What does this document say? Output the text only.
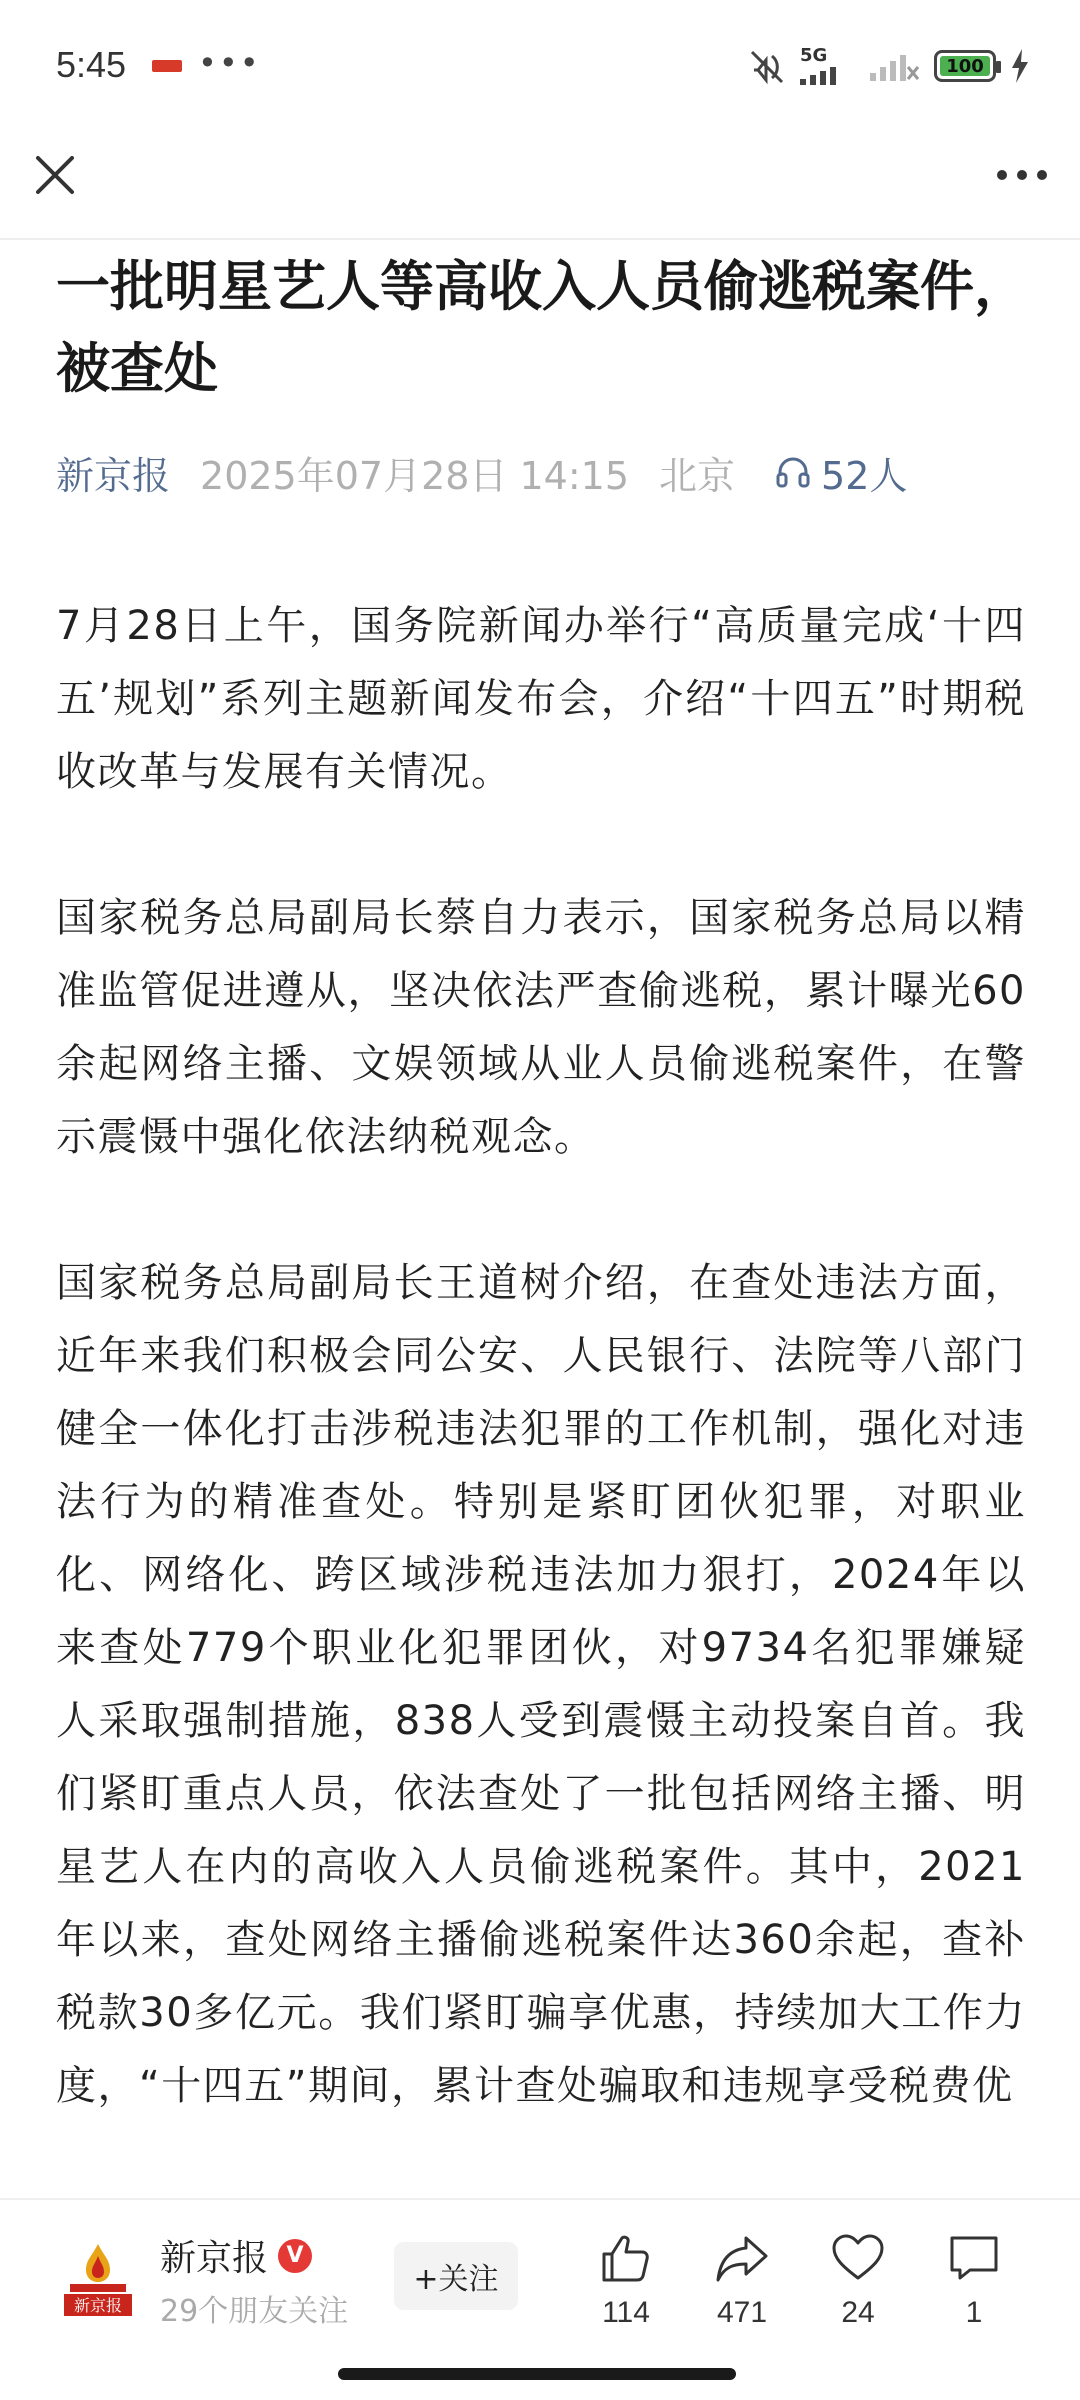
5:45 •••	5G	100
一批明星艺人等高收入人员偷逃税案件，被查处
新京报 2025年07月28日 14:15 北京 52人

7月28日上午，国务院新闻办举行“高质量完成‘十四五’规划”系列主题新闻发布会，介绍“十四五”时期税收改革与发展有关情况。

国家税务总局副局长蔡自力表示，国家税务总局以精准监管促进遵从，坚决依法严查偷逃税，累计曝光60余起网络主播、文娱领域从业人员偷逃税案件，在警示震慑中强化依法纳税观念。

国家税务总局副局长王道树介绍，在查处违法方面，近年来我们积极会同公安、人民银行、法院等八部门健全一体化打击涉税违法犯罪的工作机制，强化对违法行为的精准查处。特别是紧盯团伙犯罪，对职业化、网络化、跨区域涉税违法加力狠打，2024年以来查处779个职业化犯罪团伙，对9734名犯罪嫌疑人采取强制措施，838人受到震慑主动投案自首。我们紧盯重点人员，依法查处了一批包括网络主播、明星艺人在内的高收入人员偷逃税案件。其中，2021年以来，查处网络主播偷逃税案件达360余起，查补税款30多亿元。我们紧盯骗享优惠，持续加大工作力度，“十四五”期间，累计查处骗取和违规享受税费优

新京报
新京报 V
29个朋友关注
+关注
114	471	24	1
